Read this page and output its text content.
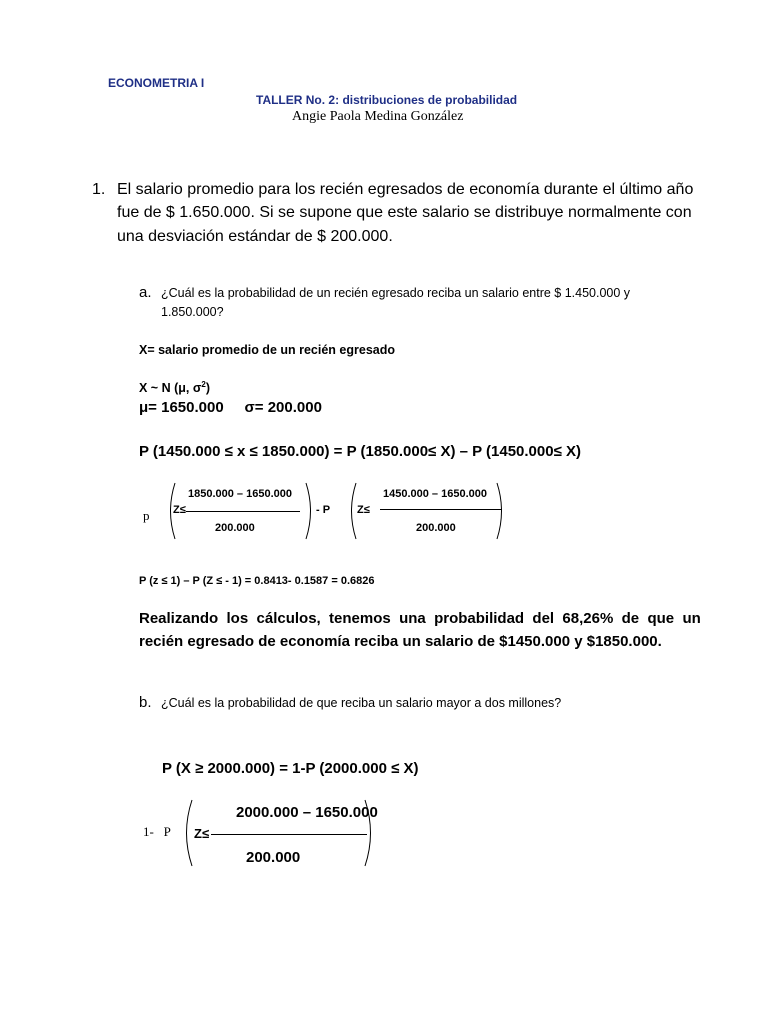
ECONOMETRIA I
TALLER No. 2: distribuciones de probabilidad
Angie Paola Medina González
1. El salario promedio para los recién egresados de economía durante el último año
fue de $ 1.650.000. Si se supone que este salario se distribuye normalmente con
una desviación estándar de $ 200.000.
a. ¿Cuál es la probabilidad de un recién egresado reciba un salario entre $ 1.450.000 y
1.850.000?
X= salario promedio de un recién egresado
X ~ N (μ, $\sigma^2$)
μ= 1650.000     σ= 200.000
P (1450.000 ≤ x ≤ 1850.000) = P (1850.000≤ X) – P (1450.000≤ X)
p Z≤
1850.000 – 1650.000
200.000
- P Z≤
1450.000 – 1650.000
200.000
P (z ≤ 1) – P (Z ≤ - 1) = 0.8413- 0.1587 = 0.6826
Realizando  los  cálculos,  tenemos  una  probabilidad  del  68,26%  de  que  un
recién egresado de economía reciba un salario de $1450.000 y $1850.000.
b. ¿Cuál es la probabilidad de que reciba un salario mayor a dos millones?
P (X ≥ 2000.000) = 1-P (2000.000 ≤ X)
1-   P Z≤
2000.000 – 1650.000
200.000
